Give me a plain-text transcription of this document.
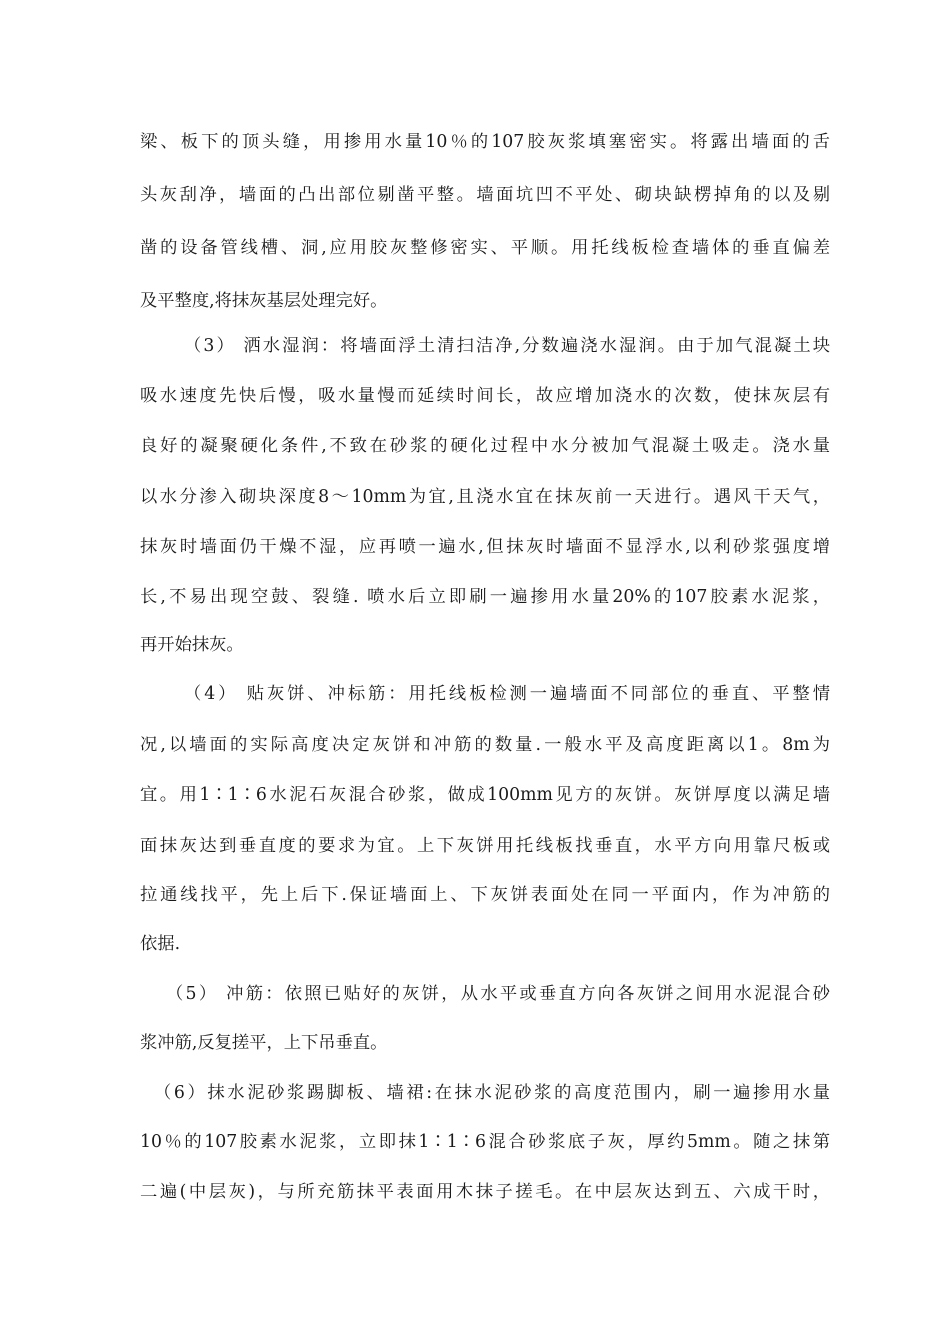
梁、板下的顶头缝，用掺用水量10％的107胶灰浆填塞密实。将露出墙面的舌
头灰刮净，墙面的凸出部位剔凿平整。墙面坑凹不平处、砌块缺楞掉角的以及剔
凿的设备管线槽、洞,应用胶灰整修密实、平顺。用托线板检查墙体的垂直偏差
及平整度,将抹灰基层处理完好。
（3） 洒水湿润：将墙面浮土清扫洁净,分数遍浇水湿润。由于加气混凝土块
吸水速度先快后慢，吸水量慢而延续时间长，故应增加浇水的次数，使抹灰层有
良好的凝聚硬化条件,不致在砂浆的硬化过程中水分被加气混凝土吸走。浇水量
以水分渗入砌块深度8～10mm为宜,且浇水宜在抹灰前一天进行。遇风干天气，
抹灰时墙面仍干燥不湿，应再喷一遍水,但抹灰时墙面不显浮水,以利砂浆强度增
长,不易出现空鼓、裂缝. 喷水后立即刷一遍掺用水量20%的107胶素水泥浆，
再开始抹灰。
（4） 贴灰饼、冲标筋：用托线板检测一遍墙面不同部位的垂直、平整情
况,以墙面的实际高度决定灰饼和冲筋的数量.一般水平及高度距离以1。8m为
宜。用1∶1∶6水泥石灰混合砂浆，做成100mm见方的灰饼。灰饼厚度以满足墙
面抹灰达到垂直度的要求为宜。上下灰饼用托线板找垂直，水平方向用靠尺板或
拉通线找平，先上后下.保证墙面上、下灰饼表面处在同一平面内，作为冲筋的
依据.
（5） 冲筋：依照已贴好的灰饼，从水平或垂直方向各灰饼之间用水泥混合砂
浆冲筋,反复搓平，上下吊垂直。
（6）抹水泥砂浆踢脚板、墙裙:在抹水泥砂浆的高度范围内，刷一遍掺用水量
10％的107胶素水泥浆，立即抹1∶1∶6混合砂浆底子灰，厚约5mm。随之抹第
二遍(中层灰)，与所充筋抹平表面用木抹子搓毛。在中层灰达到五、六成干时，
